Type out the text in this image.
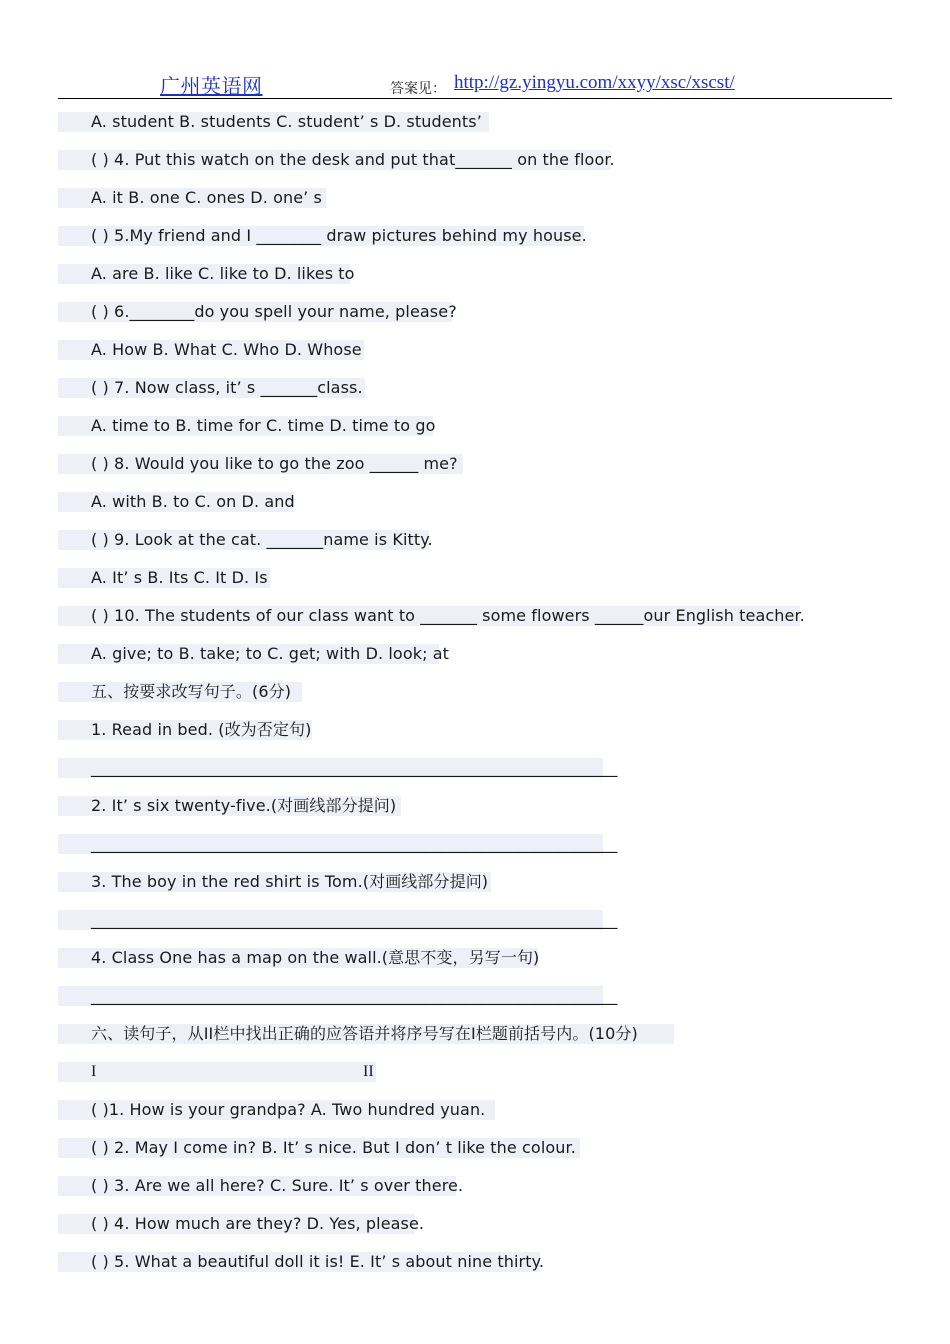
广州英语网	答案见： http://gz.yingyu.com/xxyy/xsc/xscst/
A. student B. students C. student’ s D. students’
( ) 4. Put this watch on the desk and put that_______ on the floor.
A. it B. one C. ones D. one’ s
( ) 5.My friend and I ________ draw pictures behind my house.
A. are B. like C. like to D. likes to
( ) 6.________do you spell your name, please?
A. How B. What C. Who D. Whose
( ) 7. Now class, it’ s _______class.
A. time to B. time for C. time D. time to go
( ) 8. Would you like to go the zoo ______ me?
A. with B. to C. on D. and
( ) 9. Look at the cat. _______name is Kitty.
A. It’ s B. Its C. It D. Is
( ) 10. The students of our class want to _______ some flowers ______our English teacher.
A. give; to B. take; to C. get; with D. look; at
五、按要求改写句子。(6分)
1. Read in bed. (改为否定句)
_________________________________________________________________
2. It’ s six twenty-five.(对画线部分提问)
_________________________________________________________________
3. The boy in the red shirt is Tom.(对画线部分提问)
_________________________________________________________________
4. Class One has a map on the wall.(意思不变，另写一句)
_________________________________________________________________
六、读句子，从II栏中找出正确的应答语并将序号写在I栏题前括号内。(10分)
I	II
( )1. How is your grandpa? A. Two hundred yuan.
( ) 2. May I come in? B. It’ s nice. But I don’ t like the colour.
( ) 3. Are we all here? C. Sure. It’ s over there.
( ) 4. How much are they? D. Yes, please.
( ) 5. What a beautiful doll it is! E. It’ s about nine thirty.
